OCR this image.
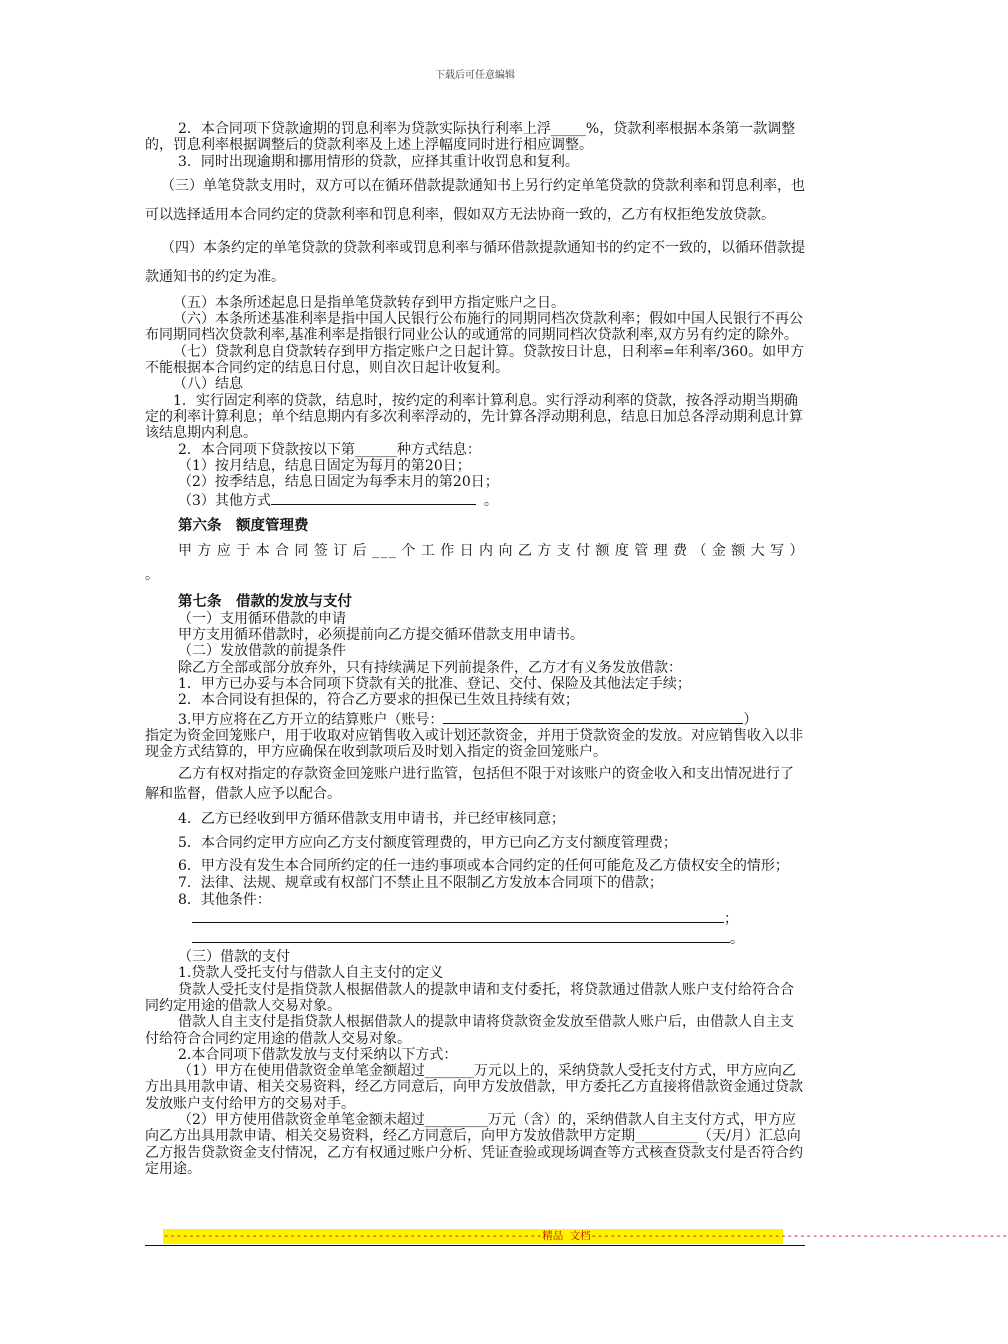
下载后可任意编辑

2．本合同项下贷款逾期的罚息利率为贷款实际执行利率上浮_____%，贷款利率根据本条第一款调整的，罚息利率根据调整后的贷款利率及上述上浮幅度同时进行相应调整。

3．同时出现逾期和挪用情形的贷款，应择其重计收罚息和复利。

（三）单笔贷款支用时，双方可以在循环借款提款通知书上另行约定单笔贷款的贷款利率和罚息利率，也可以选择适用本合同约定的贷款利率和罚息利率，假如双方无法协商一致的，乙方有权拒绝发放贷款。

（四）本条约定的单笔贷款的贷款利率或罚息利率与循环借款提款通知书的约定不一致的，以循环借款提款通知书的约定为准。

（五）本条所述起息日是指单笔贷款转存到甲方指定账户之日。

（六）本条所述基准利率是指中国人民银行公布施行的同期同档次贷款利率；假如中国人民银行不再公布同期同档次贷款利率,基准利率是指银行同业公认的或通常的同期同档次贷款利率,双方另有约定的除外。

（七）贷款利息自贷款转存到甲方指定账户之日起计算。贷款按日计息，日利率=年利率/360。如甲方不能根据本合同约定的结息日付息，则自次日起计收复利。

（八）结息

1．实行固定利率的贷款，结息时，按约定的利率计算利息。实行浮动利率的贷款，按各浮动期当期确定的利率计算利息；单个结息期内有多次利率浮动的，先计算各浮动期利息，结息日加总各浮动期利息计算该结息期内利息。

2．本合同项下贷款按以下第______种方式结息：

（1）按月结息，结息日固定为每月的第20日；

（2）按季结息，结息日固定为每季末月的第20日；

（3）其他方式	。

第六条　额度管理费

甲方应于本合同签订后___个工作日内向乙方支付额度管理费（金额大写）

。

第七条　借款的发放与支付

（一）支用循环借款的申请

甲方支用循环借款时，必须提前向乙方提交循环借款支用申请书。

（二）发放借款的前提条件

除乙方全部或部分放弃外，只有持续满足下列前提条件，乙方才有义务发放借款：

1．甲方已办妥与本合同项下贷款有关的批准、登记、交付、保险及其他法定手续；

2．本合同设有担保的，符合乙方要求的担保已生效且持续有效；

3.甲方应将在乙方开立的结算账户（账号：	）

指定为资金回笼账户，用于收取对应销售收入或计划还款资金，并用于贷款资金的发放。对应销售收入以非现金方式结算的，甲方应确保在收到款项后及时划入指定的资金回笼账户。

乙方有权对指定的存款资金回笼账户进行监管，包括但不限于对该账户的资金收入和支出情况进行了解和监督，借款人应予以配合。

4．乙方已经收到甲方循环借款支用申请书，并已经审核同意；

5．本合同约定甲方应向乙方支付额度管理费的，甲方已向乙方支付额度管理费；

6．甲方没有发生本合同所约定的任一违约事项或本合同约定的任何可能危及乙方债权安全的情形；

7．法律、法规、规章或有权部门不禁止且不限制乙方发放本合同项下的借款；

8．其他条件：

；

。

（三）借款的支付

1.贷款人受托支付与借款人自主支付的定义

贷款人受托支付是指贷款人根据借款人的提款申请和支付委托，将贷款通过借款人账户支付给符合合同约定用途的借款人交易对象。

借款人自主支付是指贷款人根据借款人的提款申请将贷款资金发放至借款人账户后，由借款人自主支付给符合合同约定用途的借款人交易对象。

2.本合同项下借款发放与支付采纳以下方式：

（1）甲方在使用借款资金单笔金额超过_______万元以上的，采纳贷款人受托支付方式，甲方应向乙方出具用款申请、相关交易资料，经乙方同意后，向甲方发放借款，甲方委托乙方直接将借款资金通过贷款发放账户支付给甲方的交易对手。

（2）甲方使用借款资金单笔金额未超过_________万元（含）的，采纳借款人自主支付方式，甲方应向乙方出具用款申请、相关交易资料，经乙方同意后，向甲方发放借款甲方定期_________（天/月）汇总向乙方报告贷款资金支付情况，乙方有权通过账户分析、凭证查验或现场调查等方式核查贷款支付是否符合约定用途。

------------------------------------------------------------精品 文档------------------------------------------------------------------
